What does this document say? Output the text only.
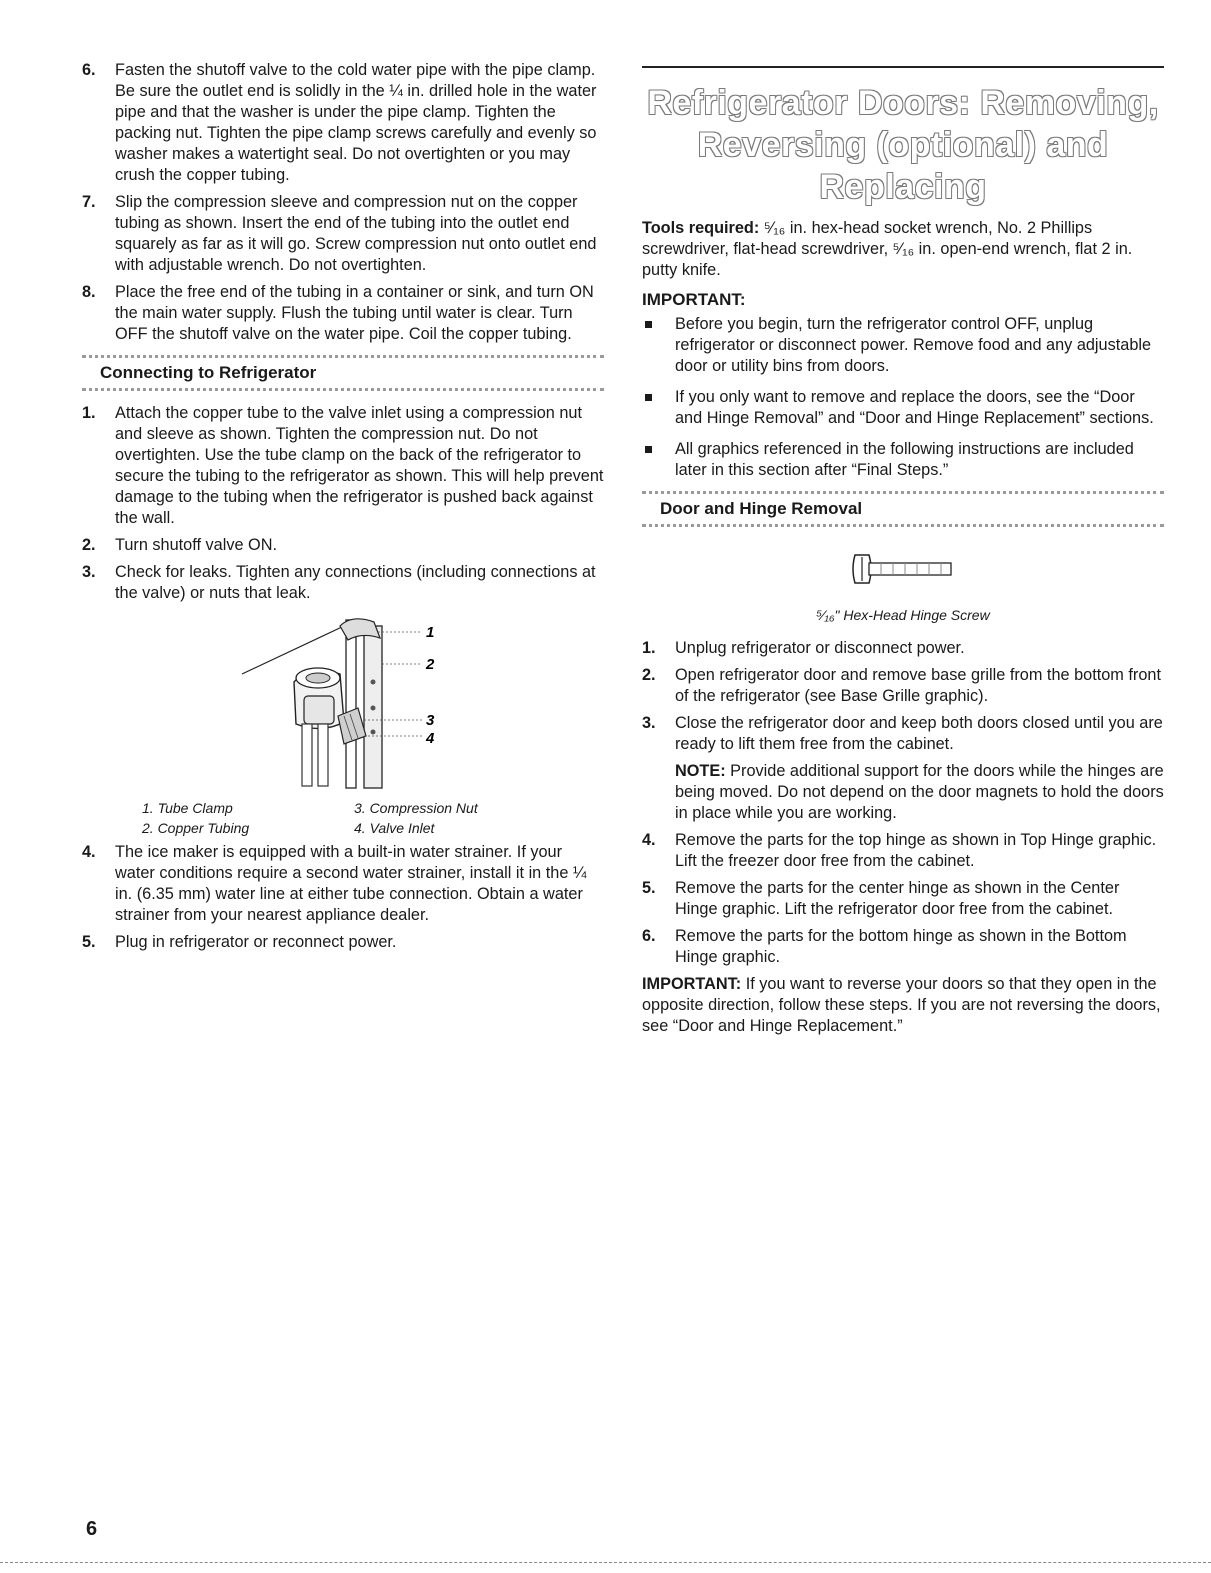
6. Fasten the shutoff valve to the cold water pipe with the pipe clamp. Be sure the outlet end is solidly in the ¼ in. drilled hole in the water pipe and that the washer is under the pipe clamp. Tighten the packing nut. Tighten the pipe clamp screws carefully and evenly so washer makes a watertight seal. Do not overtighten or you may crush the copper tubing.
7. Slip the compression sleeve and compression nut on the copper tubing as shown. Insert the end of the tubing into the outlet end squarely as far as it will go. Screw compression nut onto outlet end with adjustable wrench. Do not overtighten.
8. Place the free end of the tubing in a container or sink, and turn ON the main water supply. Flush the tubing until water is clear. Turn OFF the shutoff valve on the water pipe. Coil the copper tubing.
Connecting to Refrigerator
1. Attach the copper tube to the valve inlet using a compression nut and sleeve as shown. Tighten the compression nut. Do not overtighten. Use the tube clamp on the back of the refrigerator to secure the tubing to the refrigerator as shown. This will help prevent damage to the tubing when the refrigerator is pushed back against the wall.
2. Turn shutoff valve ON.
3. Check for leaks. Tighten any connections (including connections at the valve) or nuts that leak.
1
2
3
4
1. Tube Clamp
2. Copper Tubing
3. Compression Nut
4. Valve Inlet
4. The ice maker is equipped with a built-in water strainer. If your water conditions require a second water strainer, install it in the ¼ in. (6.35 mm) water line at either tube connection. Obtain a water strainer from your nearest appliance dealer.
5. Plug in refrigerator or reconnect power.
Refrigerator Doors: Removing,
Reversing (optional) and Replacing
Tools required: ⁵⁄₁₆ in. hex-head socket wrench, No. 2 Phillips screwdriver, flat-head screwdriver, ⁵⁄₁₆ in. open-end wrench, flat 2 in. putty knife.
IMPORTANT:
Before you begin, turn the refrigerator control OFF, unplug refrigerator or disconnect power. Remove food and any adjustable door or utility bins from doors.
If you only want to remove and replace the doors, see the “Door and Hinge Removal” and “Door and Hinge Replacement” sections.
All graphics referenced in the following instructions are included later in this section after “Final Steps.”
Door and Hinge Removal
⁵⁄₁₆" Hex-Head Hinge Screw
1. Unplug refrigerator or disconnect power.
2. Open refrigerator door and remove base grille from the bottom front of the refrigerator (see Base Grille graphic).
3. Close the refrigerator door and keep both doors closed until you are ready to lift them free from the cabinet.
NOTE: Provide additional support for the doors while the hinges are being moved. Do not depend on the door magnets to hold the doors in place while you are working.
4. Remove the parts for the top hinge as shown in Top Hinge graphic. Lift the freezer door free from the cabinet.
5. Remove the parts for the center hinge as shown in the Center Hinge graphic. Lift the refrigerator door free from the cabinet.
6. Remove the parts for the bottom hinge as shown in the Bottom Hinge graphic.
IMPORTANT: If you want to reverse your doors so that they open in the opposite direction, follow these steps. If you are not reversing the doors, see “Door and Hinge Replacement.”
6
